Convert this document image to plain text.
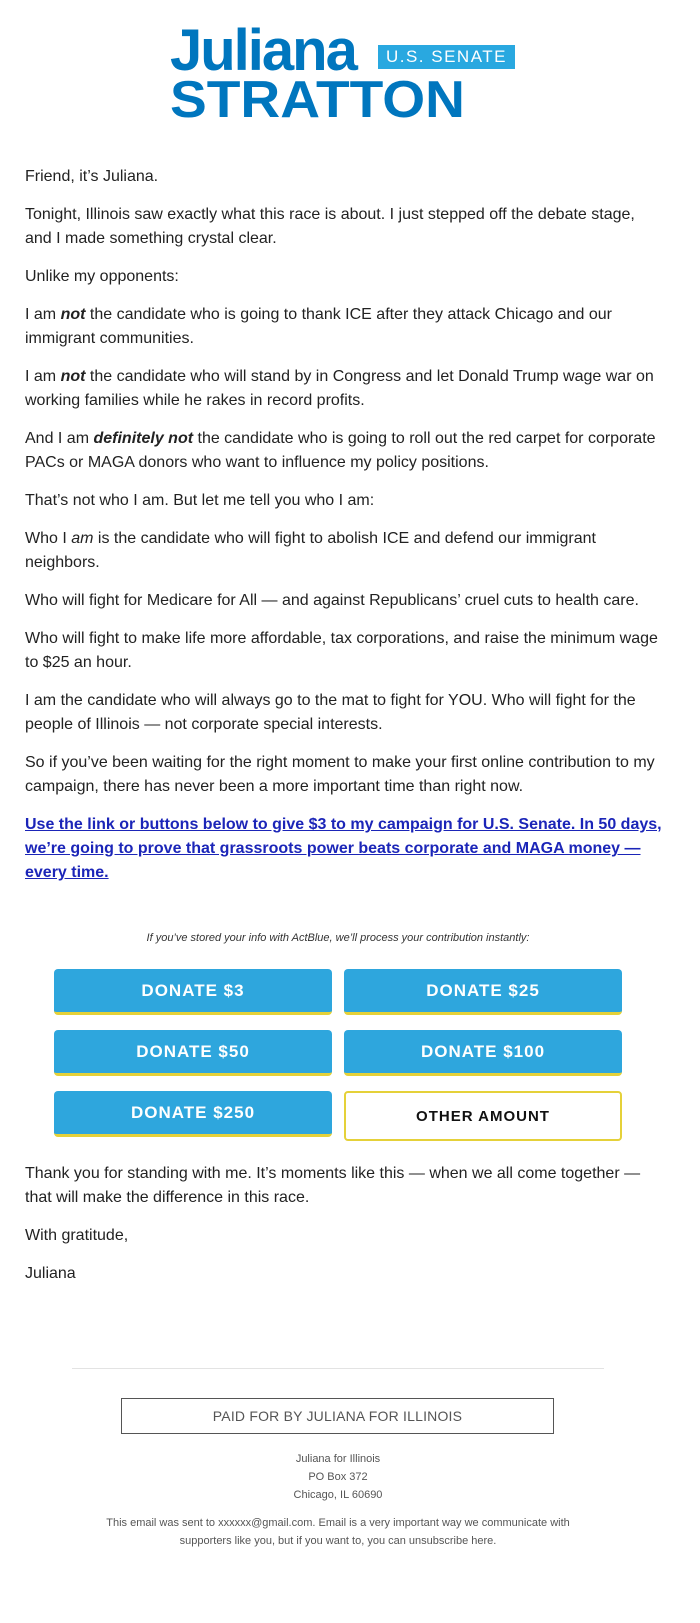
Juliana	U.S. SENATE
STRATTON

Friend, it’s Juliana.

Tonight, Illinois saw exactly what this race is about. I just stepped off the debate stage, and I made something crystal clear.

Unlike my opponents:

I am not the candidate who is going to thank ICE after they attack Chicago and our immigrant communities.

I am not the candidate who will stand by in Congress and let Donald Trump wage war on working families while he rakes in record profits.

And I am definitely not the candidate who is going to roll out the red carpet for corporate PACs or MAGA donors who want to influence my policy positions.

That’s not who I am. But let me tell you who I am:

Who I am is the candidate who will fight to abolish ICE and defend our immigrant neighbors.

Who will fight for Medicare for All — and against Republicans’ cruel cuts to health care.

Who will fight to make life more affordable, tax corporations, and raise the minimum wage to $25 an hour.

I am the candidate who will always go to the mat to fight for YOU. Who will fight for the people of Illinois — not corporate special interests.

So if you’ve been waiting for the right moment to make your first online contribution to my campaign, there has never been a more important time than right now.

Use the link or buttons below to give $3 to my campaign for U.S. Senate. In 50 days, we’re going to prove that grassroots power beats corporate and MAGA money — every time.

If you’ve stored your info with ActBlue, we’ll process your contribution instantly:
DONATE $3	DONATE $25
DONATE $50	DONATE $100
DONATE $250	OTHER AMOUNT

Thank you for standing with me. It’s moments like this — when we all come together — that will make the difference in this race.

With gratitude,

Juliana

PAID FOR BY JULIANA FOR ILLINOIS
Juliana for Illinois
PO Box 372
Chicago, IL 60690
This email was sent to xxxxxx@gmail.com. Email is a very important way we communicate with supporters like you, but if you want to, you can unsubscribe here.
